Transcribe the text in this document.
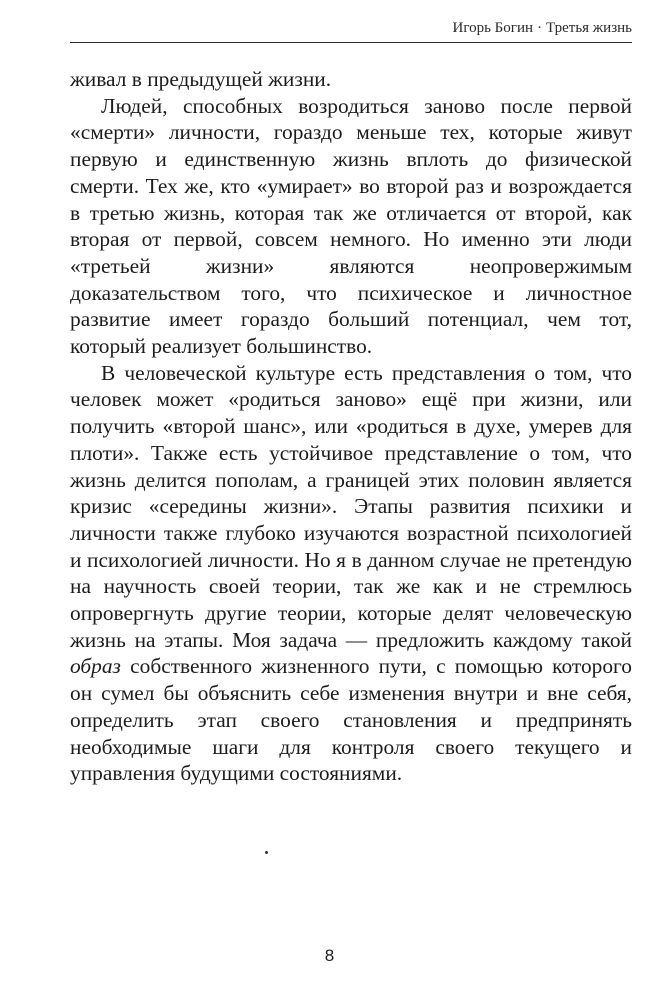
Игорь Богин · Третья жизнь

живал в предыдущей жизни.

Людей, способных возродиться заново после первой «смерти» личности, гораздо меньше тех, которые живут первую и единственную жизнь вплоть до физической смерти. Тех же, кто «умирает» во второй раз и возрождается в третью жизнь, которая так же отличается от второй, как вторая от первой, совсем немного. Но именно эти люди «третьей жизни» являются неопровержимым доказательством того, что психическое и личностное развитие имеет гораздо больший потенциал, чем тот, который реализует большинство.

В человеческой культуре есть представления о том, что человек может «родиться заново» ещё при жизни, или получить «второй шанс», или «родиться в духе, умерев для плоти». Также есть устойчивое представление о том, что жизнь делится пополам, а границей этих половин является кризис «середины жизни». Этапы развития психики и личности также глубоко изучаются возрастной психологией и психологией личности. Но я в данном случае не претендую на научность своей теории, так же как и не стремлюсь опровергнуть другие теории, которые делят человеческую жизнь на этапы. Моя задача — предложить каждому такой образ собственного жизненного пути, с помощью которого он сумел бы объяснить себе изменения внутри и вне себя, определить этап своего становления и предпринять необходимые шаги для контроля своего текущего и управления будущими состояниями.

8
